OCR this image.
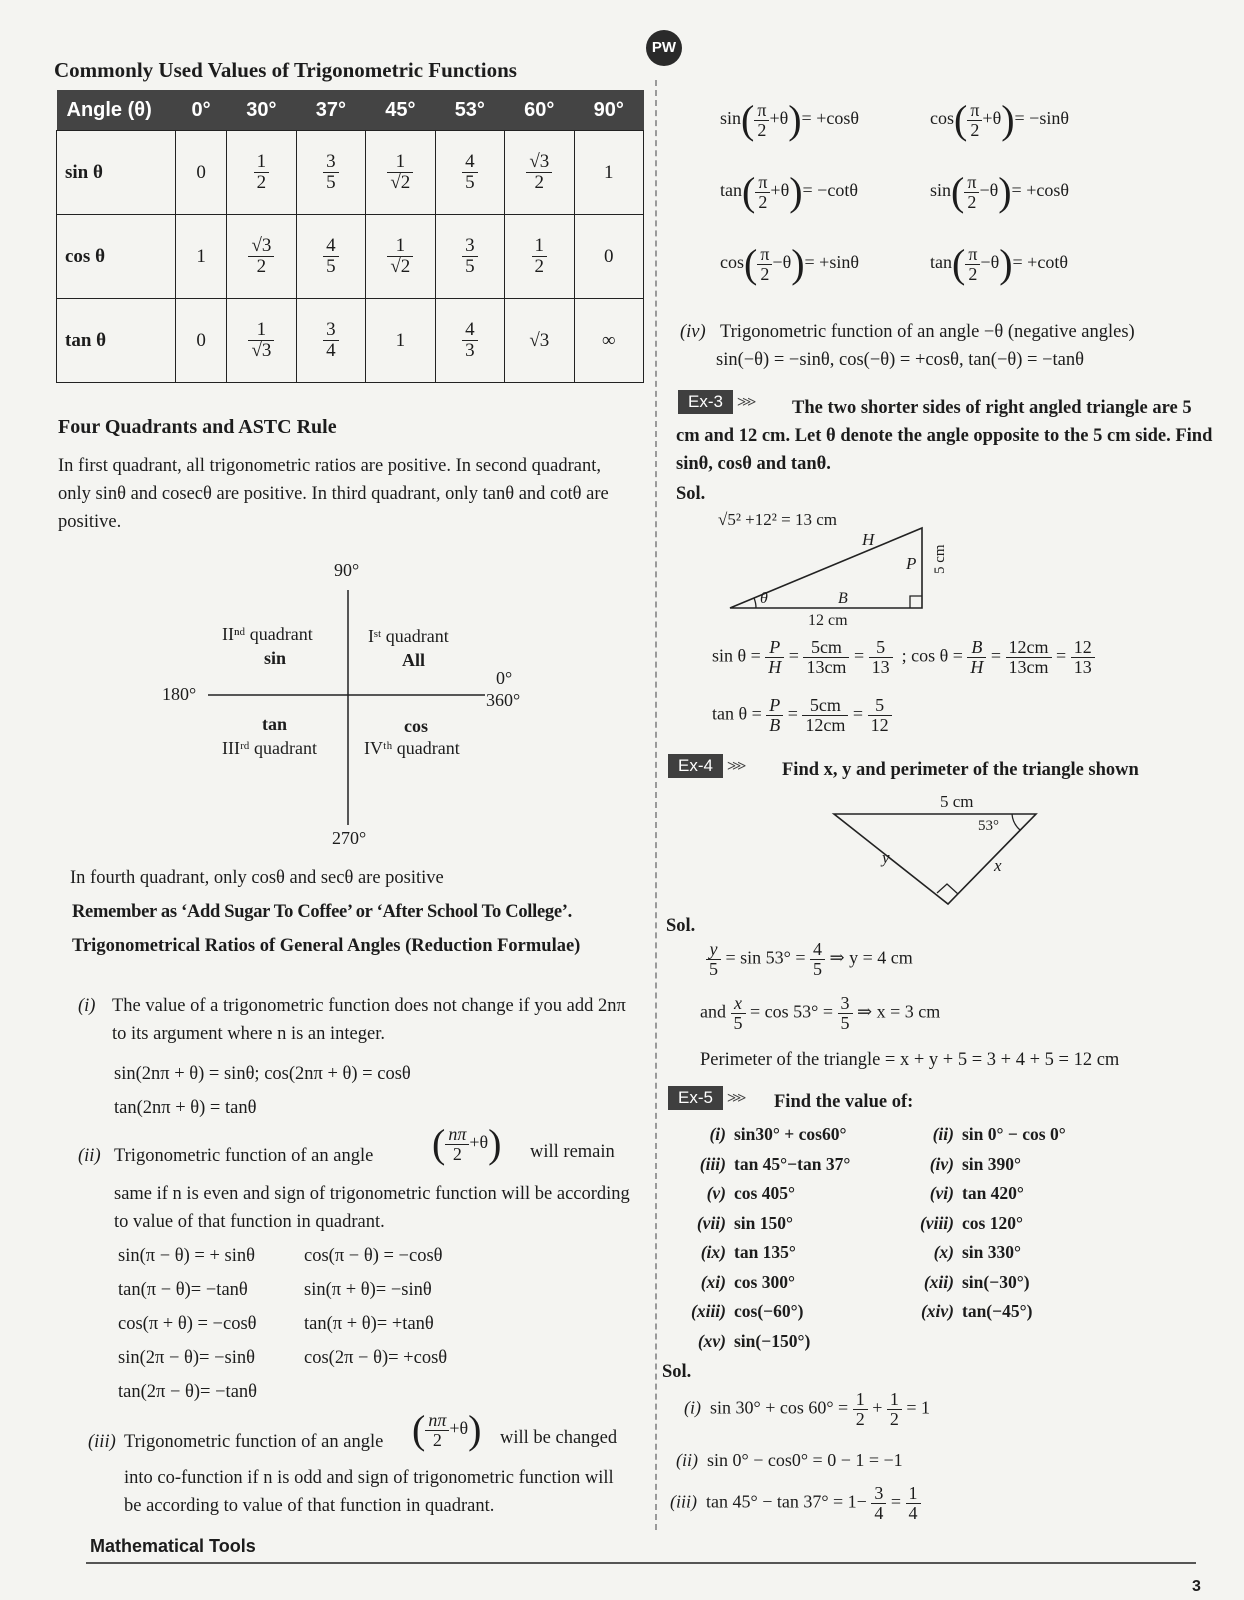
PW
Commonly Used Values of Trigonometric Functions
Angle (θ)	0°	30°	37°	45°	53°	60°	90°
sin θ	0	$\frac{1}{2}$	$\frac{3}{5}$	$\frac{1}{√2}$	$\frac{4}{5}$	$\frac{√3}{2}$	1
cos θ	1	$\frac{√3}{2}$	$\frac{4}{5}$	$\frac{1}{√2}$	$\frac{3}{5}$	$\frac{1}{2}$	0
tan θ	0	$\frac{1}{√3}$	$\frac{3}{4}$	1	$\frac{4}{3}$	√3	∞
Four Quadrants and ASTC Rule
In first quadrant, all trigonometric ratios are positive. In second quadrant, only sinθ and cosecθ are positive. In third quadrant, only tanθ and cotθ are positive.
90°
270°
180°
0°
360°
IIⁿᵈ quadrant
sin
Iˢᵗ quadrant
All
tan
IIIʳᵈ quadrant
cos
IVᵗʰ quadrant
In fourth quadrant, only cosθ and secθ are positive
Remember as ‘Add Sugar To Coffee’ or ‘After School To College’.
Trigonometrical Ratios of General Angles (Reduction Formulae)
(i) The value of a trigonometric function does not change if you add 2nπ to its argument where n is an integer.
sin(2nπ + θ) = sinθ; cos(2nπ + θ) = cosθ
tan(2nπ + θ) = tanθ
(ii) Trigonometric function of an angle ( $\frac{n\pi}{2} +\theta$) will remain
same if n is even and sign of trigonometric function will be according to value of that function in quadrant.
sin(π − θ) = + sinθ	cos(π − θ) = −cosθ
tan(π − θ)= −tanθ	sin(π + θ)= −sinθ
cos(π + θ) = −cosθ	tan(π + θ)= +tanθ
sin(2π − θ)= −sinθ	cos(2π − θ)= +cosθ
tan(2π − θ)= −tanθ
(iii) Trigonometric function of an angle ( $\frac{n\pi}{2} +\theta$) will be changed
into co-function if n is odd and sign of trigonometric function will be according to value of that function in quadrant.
$\sin( \frac{\pi}{2} +\theta)= +\cos\theta$	$\cos( \frac{\pi}{2} +\theta)= -\sin\theta$
$\tan( \frac{\pi}{2} +\theta)= -\cot\theta$	$\sin( \frac{\pi}{2} -\theta)= +\cos\theta$
$\cos( \frac{\pi}{2} -\theta)= +\sin\theta$	$\tan( \frac{\pi}{2} -\theta)= +\cot\theta$
(iv) Trigonometric function of an angle −θ (negative angles)
sin(−θ) = −sinθ, cos(−θ) = +cosθ, tan(−θ) = −tanθ
Ex-3 >>>	The two shorter sides of right angled triangle are 5 cm and 12 cm. Let θ denote the angle opposite to the 5 cm side. Find sinθ, cosθ and tanθ.
Sol.
√5² +12² = 13 cm
H
P 5 cm
θ	B
12 cm
$\sin \theta = \frac{P}{H} = \frac{5cm}{13cm} = \frac{5}{13}$ ; $\cos \theta = \frac{B}{H} = \frac{12cm}{13cm} = \frac{12}{13}$
$\tan \theta = \frac{P}{B} = \frac{5cm}{12cm} = \frac{5}{12}$
Ex-4 >>>	Find x, y and perimeter of the triangle shown
5 cm
53°
y	x
Sol.
$\frac{y}{5} = \sin 53^\circ = \frac{4}{5}$ ⇒ y = 4 cm
and $\frac{x}{5} = \cos 53^\circ = \frac{3}{5}$ ⇒ x = 3 cm
Perimeter of the triangle = x + y + 5 = 3 + 4 + 5 = 12 cm
Ex-5 >>>	Find the value of:
(i) sin30° + cos60°	(ii) sin 0° − cos 0°
(iii) tan 45°−tan 37°	(iv) sin 390°
(v) cos 405°	(vi) tan 420°
(vii) sin 150°	(viii) cos 120°
(ix) tan 135°	(x) sin 330°
(xi) cos 300°	(xii) sin(−30°)
(xiii) cos(−60°)	(xiv) tan(−45°)
(xv) sin(−150°)
Sol.
(i) $\sin 30^\circ + \cos 60^\circ = \frac{1}{2} + \frac{1}{2} = 1$
(ii) sin 0° − cos0° = 0 − 1 = −1
(iii) $\tan 45^\circ - \tan 37^\circ = 1- \frac{3}{4} = \frac{1}{4}$
Mathematical Tools
3
